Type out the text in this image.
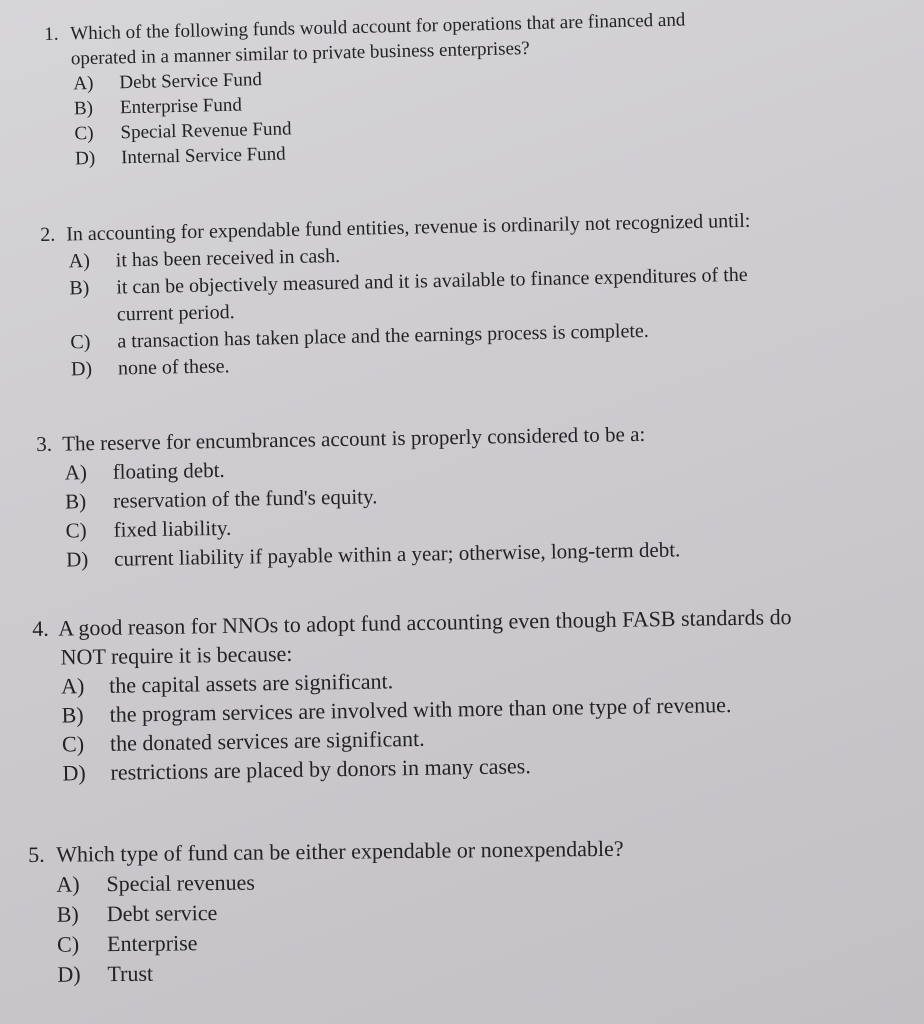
1. Which of the following funds would account for operations that are financed and
operated in a manner similar to private business enterprises?
A)	Debt Service Fund
B)	Enterprise Fund
C)	Special Revenue Fund
D)	Internal Service Fund
2. In accounting for expendable fund entities, revenue is ordinarily not recognized until:
A)	it has been received in cash.
B)	it can be objectively measured and it is available to finance expenditures of the
current period.
C)	a transaction has taken place and the earnings process is complete.
D)	none of these.
3. The reserve for encumbrances account is properly considered to be a:
A)	floating debt.
B)	reservation of the fund's equity.
C)	fixed liability.
D)	current liability if payable within a year; otherwise, long-term debt.
4. A good reason for NNOs to adopt fund accounting even though FASB standards do
NOT require it is because:
A)	the capital assets are significant.
B)	the program services are involved with more than one type of revenue.
C)	the donated services are significant.
D)	restrictions are placed by donors in many cases.
5. Which type of fund can be either expendable or nonexpendable?
A)	Special revenues
B)	Debt service
C)	Enterprise
D)	Trust
